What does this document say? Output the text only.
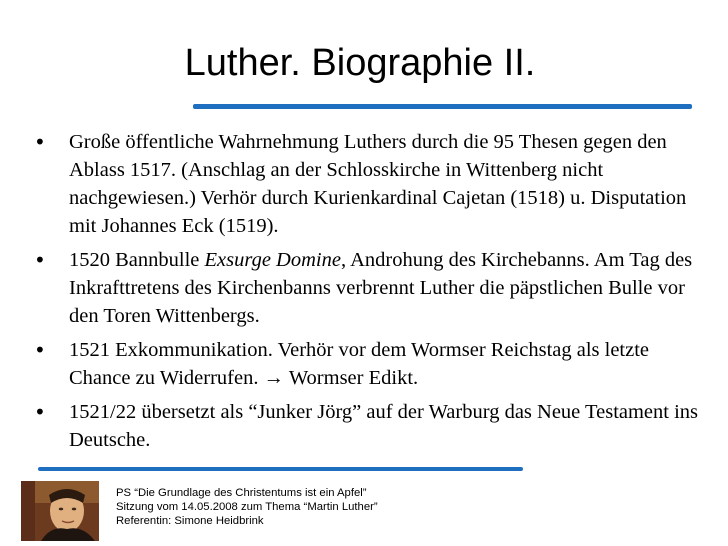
Luther. Biographie II.
• Große öffentliche Wahrnehmung Luthers durch die 95 Thesen gegen den Ablass 1517. (Anschlag an der Schlosskirche in Wittenberg nicht nachgewiesen.) Verhör durch Kurienkardinal Cajetan (1518) u. Disputation mit Johannes Eck (1519).
• 1520 Bannbulle Exsurge Domine, Androhung des Kirchebanns. Am Tag des Inkrafttretens des Kirchenbanns verbrennt Luther die päpstlichen Bulle vor den Toren Wittenbergs.
• 1521 Exkommunikation. Verhör vor dem Wormser Reichstag als letzte Chance zu Widerrufen. → Wormser Edikt.
• 1521/22 übersetzt als “Junker Jörg” auf der Warburg das Neue Testament ins Deutsche.
PS “Die Grundlage des Christentums ist ein Apfel”
Sitzung vom 14.05.2008 zum Thema “Martin Luther”
Referentin: Simone Heidbrink
